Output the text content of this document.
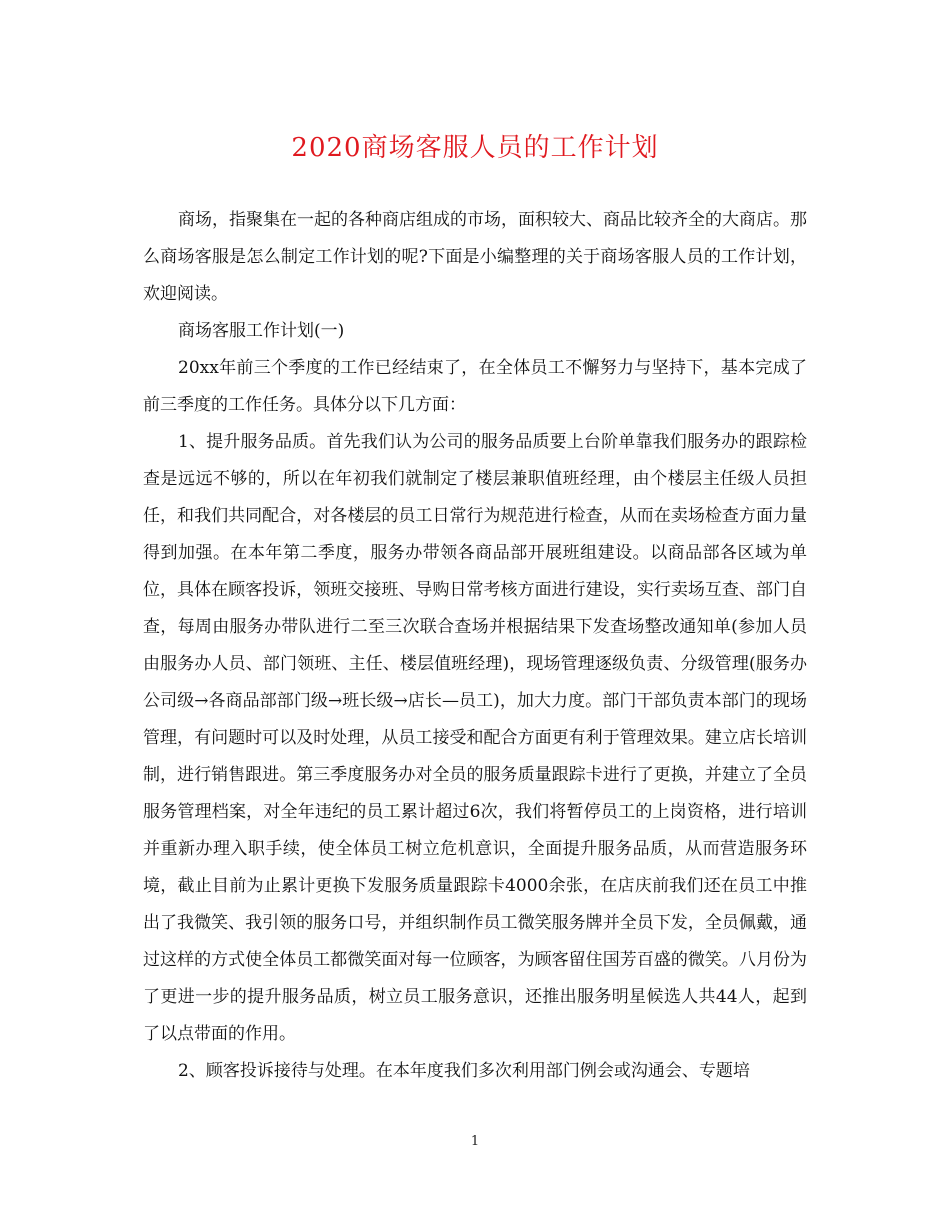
2020商场客服人员的工作计划

商场，指聚集在一起的各种商店组成的市场，面积较大、商品比较齐全的大商店。那么商场客服是怎么制定工作计划的呢?下面是小编整理的关于商场客服人员的工作计划，欢迎阅读。

商场客服工作计划(一)

20xx年前三个季度的工作已经结束了，在全体员工不懈努力与坚持下，基本完成了前三季度的工作任务。具体分以下几方面：

1、提升服务品质。首先我们认为公司的服务品质要上台阶单靠我们服务办的跟踪检查是远远不够的，所以在年初我们就制定了楼层兼职值班经理，由个楼层主任级人员担任，和我们共同配合，对各楼层的员工日常行为规范进行检查，从而在卖场检查方面力量得到加强。在本年第二季度，服务办带领各商品部开展班组建设。以商品部各区域为单位，具体在顾客投诉，领班交接班、导购日常考核方面进行建设，实行卖场互查、部门自查，每周由服务办带队进行二至三次联合查场并根据结果下发查场整改通知单(参加人员由服务办人员、部门领班、主任、楼层值班经理)，现场管理逐级负责、分级管理(服务办公司级→各商品部部门级→班长级→店长—员工)，加大力度。部门干部负责本部门的现场管理，有问题时可以及时处理，从员工接受和配合方面更有利于管理效果。建立店长培训制，进行销售跟进。第三季度服务办对全员的服务质量跟踪卡进行了更换，并建立了全员服务管理档案，对全年违纪的员工累计超过6次，我们将暂停员工的上岗资格，进行培训并重新办理入职手续，使全体员工树立危机意识，全面提升服务品质，从而营造服务环境，截止目前为止累计更换下发服务质量跟踪卡4000余张，在店庆前我们还在员工中推出了我微笑、我引领的服务口号，并组织制作员工微笑服务牌并全员下发，全员佩戴，通过这样的方式使全体员工都微笑面对每一位顾客，为顾客留住国芳百盛的微笑。八月份为了更进一步的提升服务品质，树立员工服务意识，还推出服务明星候选人共44人，起到了以点带面的作用。

2、顾客投诉接待与处理。在本年度我们多次利用部门例会或沟通会、专题培

1
